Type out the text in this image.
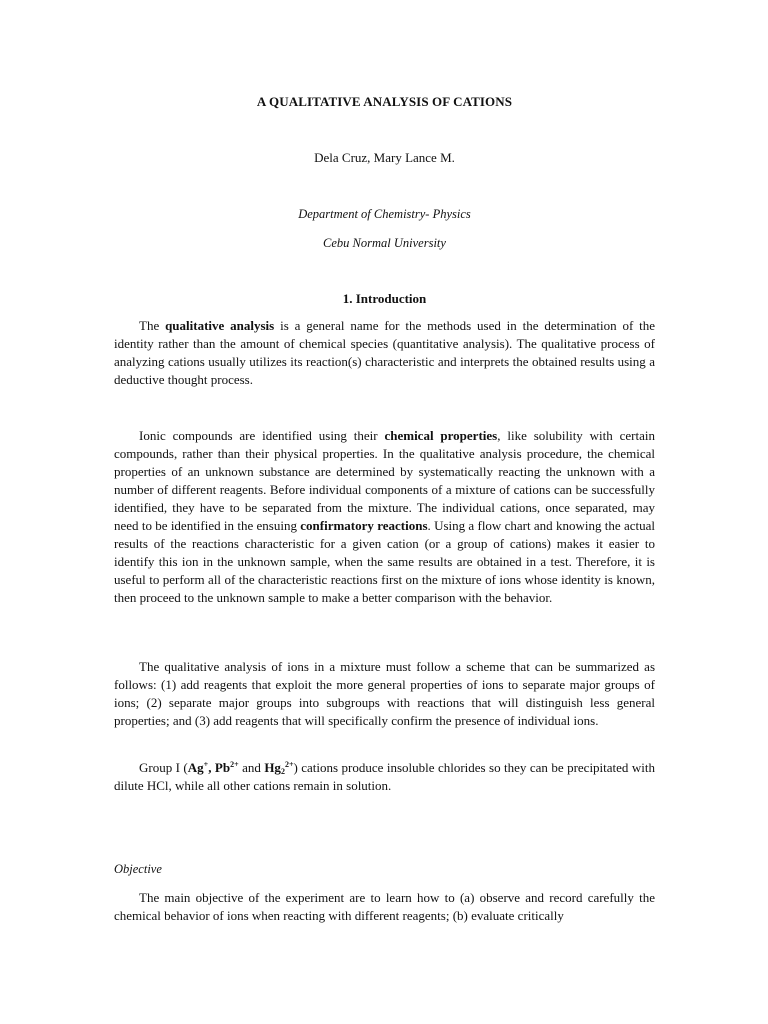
A QUALITATIVE ANALYSIS OF CATIONS
Dela Cruz, Mary Lance M.
Department of Chemistry- Physics
Cebu Normal University
1. Introduction

The qualitative analysis is a general name for the methods used in the determination of the identity rather than the amount of chemical species (quantitative analysis). The qualitative process of analyzing cations usually utilizes its reaction(s) characteristic and interprets the obtained results using a deductive thought process.

Ionic compounds are identified using their chemical properties, like solubility with certain compounds, rather than their physical properties. In the qualitative analysis procedure, the chemical properties of an unknown substance are determined by systematically reacting the unknown with a number of different reagents. Before individual components of a mixture of cations can be successfully identified, they have to be separated from the mixture. The individual cations, once separated, may need to be identified in the ensuing confirmatory reactions. Using a flow chart and knowing the actual results of the reactions characteristic for a given cation (or a group of cations) makes it easier to identify this ion in the unknown sample, when the same results are obtained in a test. Therefore, it is useful to perform all of the characteristic reactions first on the mixture of ions whose identity is known, then proceed to the unknown sample to make a better comparison with the behavior.

The qualitative analysis of ions in a mixture must follow a scheme that can be summarized as follows: (1) add reagents that exploit the more general properties of ions to separate major groups of ions; (2) separate major groups into subgroups with reactions that will distinguish less general properties; and (3) add reagents that will specifically confirm the presence of individual ions.

Group I (Ag+, $Pb^{2+}$ and $Hg_2^{2+}$) cations produce insoluble chlorides so they can be precipitated with dilute HCl, while all other cations remain in solution.

Objective

The main objective of the experiment are to learn how to (a) observe and record carefully the chemical behavior of ions when reacting with different reagents; (b) evaluate critically
